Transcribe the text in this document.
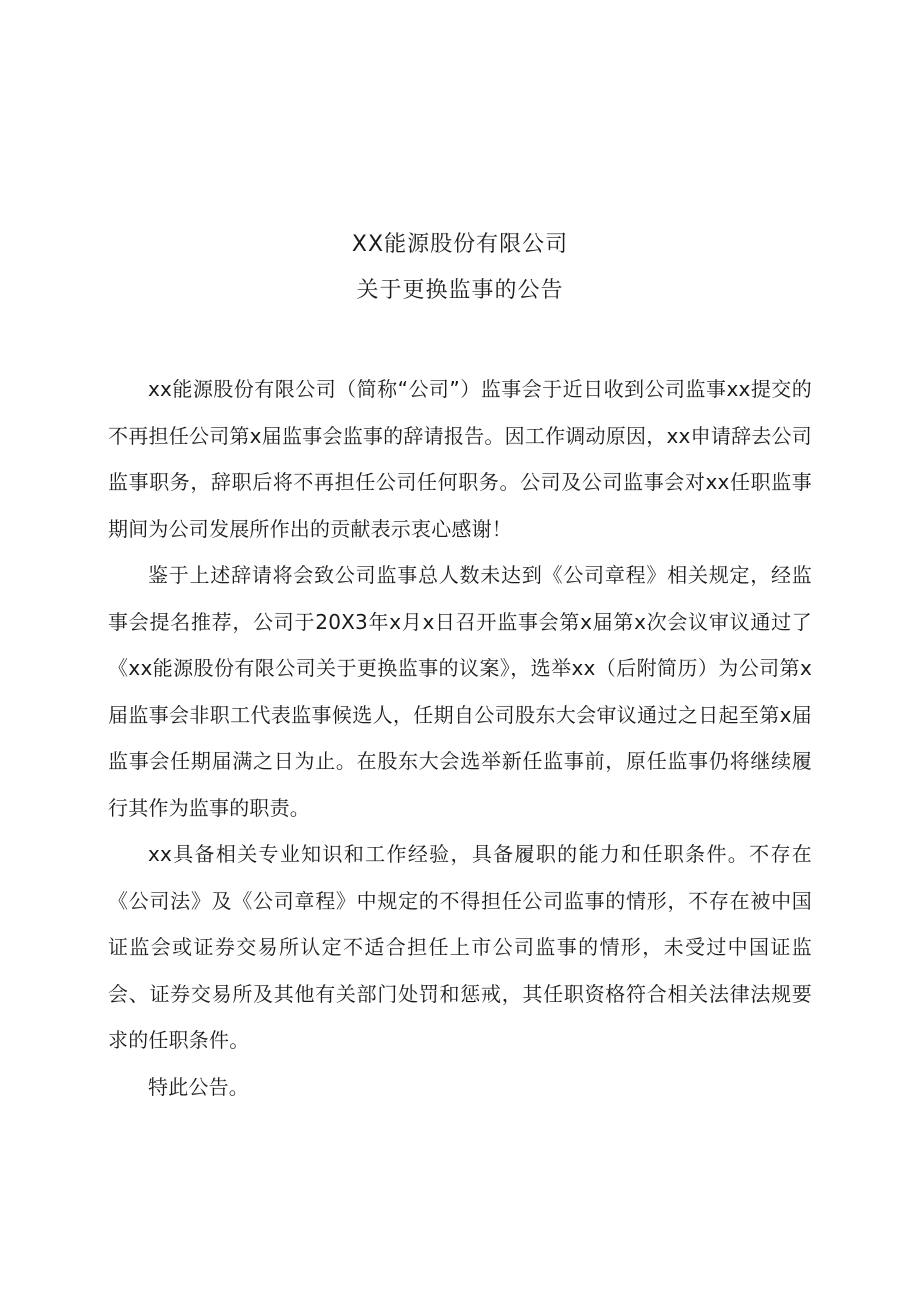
XX能源股份有限公司
关于更换监事的公告

xx能源股份有限公司（简称“公司”）监事会于近日收到公司监事xx提交的不再担任公司第x届监事会监事的辞请报告。因工作调动原因，xx申请辞去公司监事职务，辞职后将不再担任公司任何职务。公司及公司监事会对xx任职监事期间为公司发展所作出的贡献表示衷心感谢！

鉴于上述辞请将会致公司监事总人数未达到《公司章程》相关规定，经监事会提名推荐，公司于20X3年x月x日召开监事会第x届第x次会议审议通过了《xx能源股份有限公司关于更换监事的议案》，选举xx（后附简历）为公司第x届监事会非职工代表监事候选人，任期自公司股东大会审议通过之日起至第x届监事会任期届满之日为止。在股东大会选举新任监事前，原任监事仍将继续履行其作为监事的职责。

xx具备相关专业知识和工作经验，具备履职的能力和任职条件。不存在《公司法》及《公司章程》中规定的不得担任公司监事的情形，不存在被中国证监会或证券交易所认定不适合担任上市公司监事的情形，未受过中国证监会、证券交易所及其他有关部门处罚和惩戒，其任职资格符合相关法律法规要求的任职条件。

特此公告。
